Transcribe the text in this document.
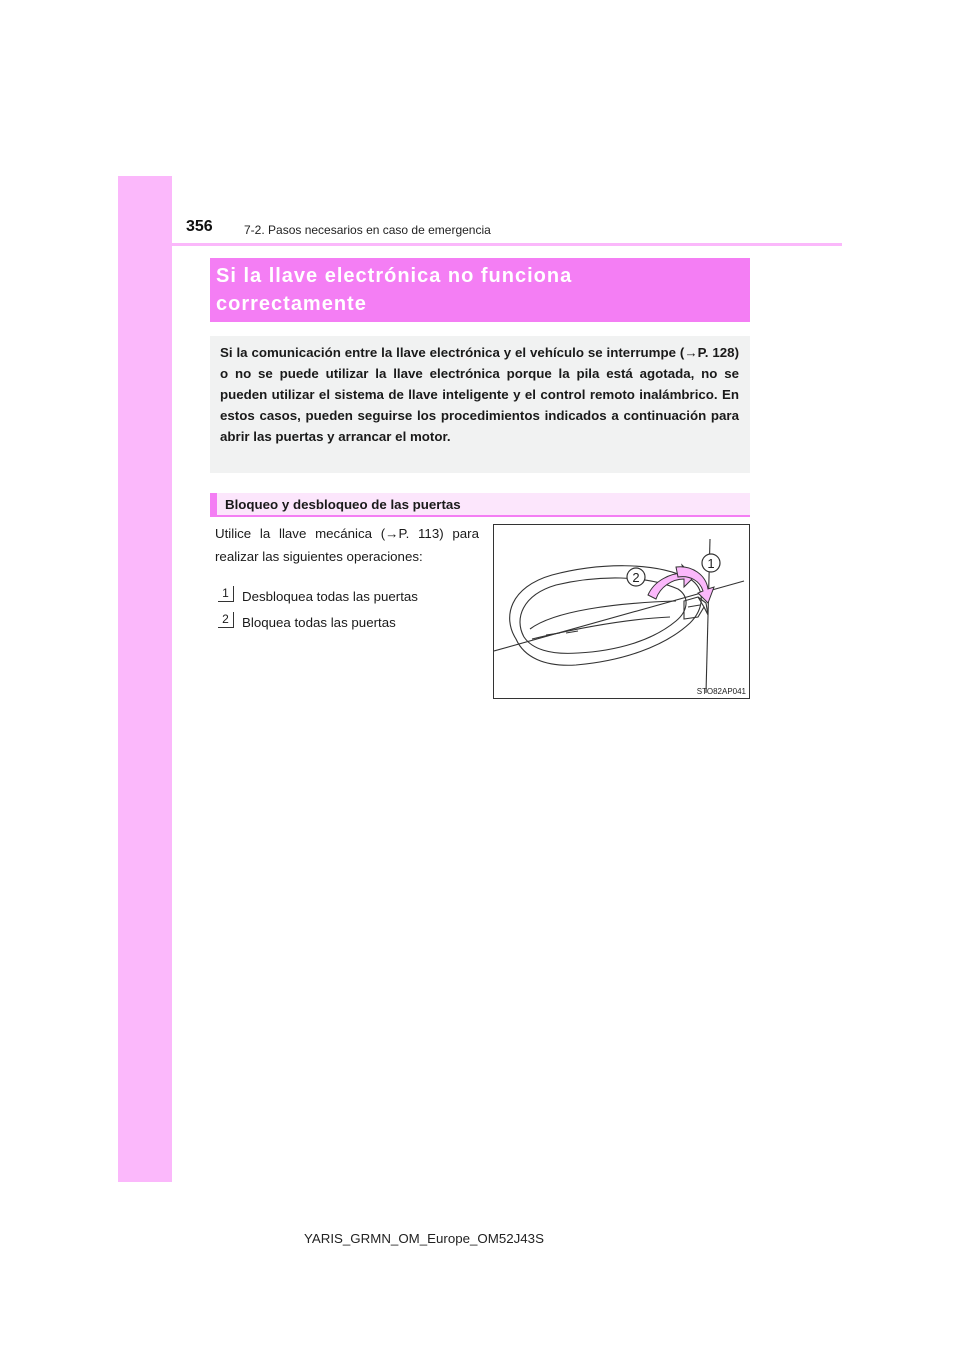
356	7-2. Pasos necesarios en caso de emergencia

Si la llave electrónica no funciona

correctamente

Si la comunicación entre la llave electrónica y el vehículo se interrumpe (→P. 128) o no se puede utilizar la llave electrónica porque la pila está agotada, no se pueden utilizar el sistema de llave inteligente y el control remoto inalámbrico. En estos casos, pueden seguirse los procedimientos indicados a continuación para abrir las puertas y arrancar el motor.

Bloqueo y desbloqueo de las puertas

Utilice la llave mecánica (→P. 113) para realizar las siguientes operaciones:

1 Desbloquea todas las puertas
2 Bloquea todas las puertas
2
1
STO82AP041
YARIS_GRMN_OM_Europe_OM52J43S
